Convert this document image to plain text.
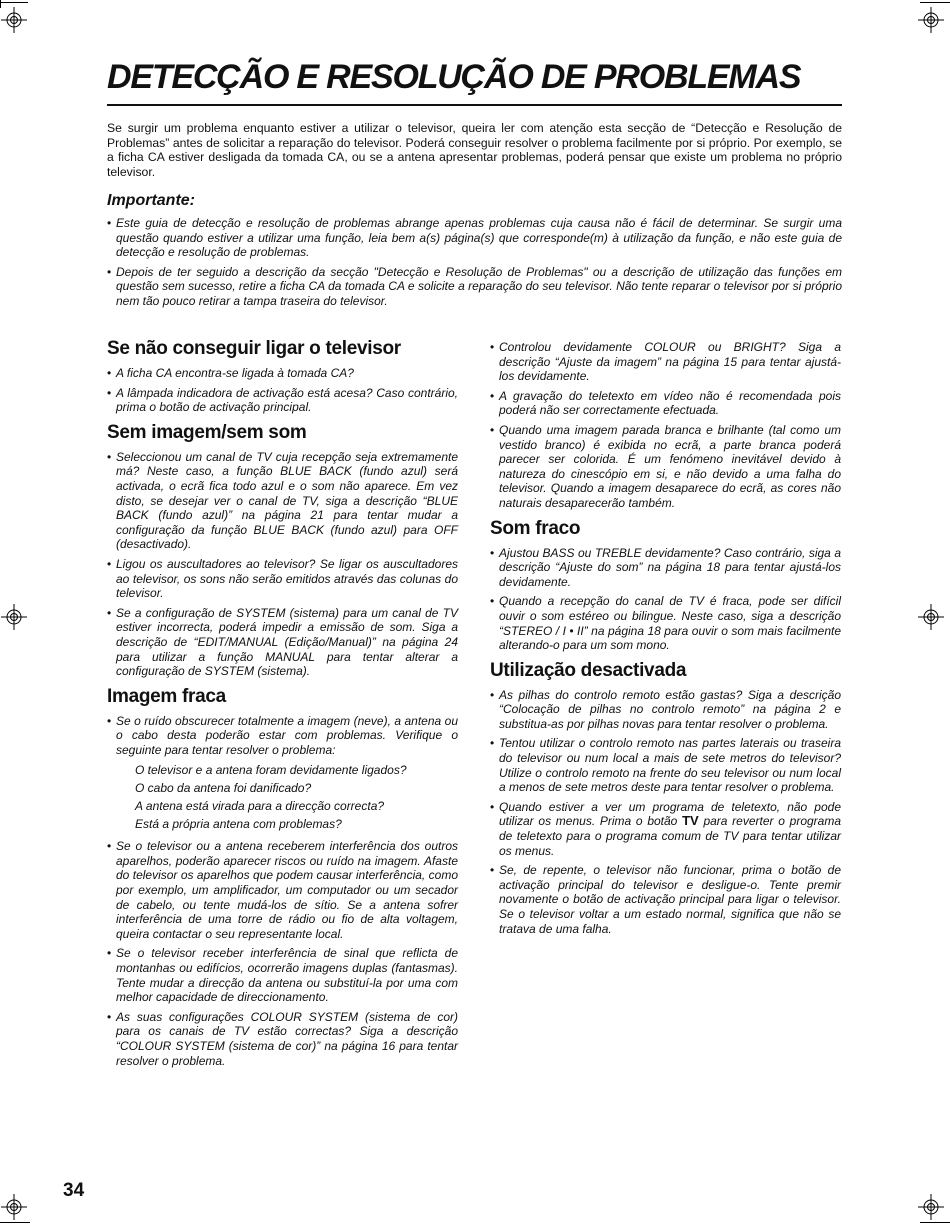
DETECÇÃO E RESOLUÇÃO DE PROBLEMAS

Se surgir um problema enquanto estiver a utilizar o televisor, queira ler com atenção esta secção de “Detecção e Resolução de Problemas” antes de solicitar a reparação do televisor. Poderá conseguir resolver o problema facilmente por si próprio. Por exemplo, se a ficha CA estiver desligada da tomada CA, ou se a antena apresentar problemas, poderá pensar que existe um problema no próprio televisor.

Importante:

• Este guia de detecção e resolução de problemas abrange apenas problemas cuja causa não é fácil de determinar. Se surgir uma questão quando estiver a utilizar uma função, leia bem a(s) página(s) que corresponde(m) à utilização da função, e não este guia de detecção e resolução de problemas.
• Depois de ter seguido a descrição da secção "Detecção e Resolução de Problemas" ou a descrição de utilização das funções em questão sem sucesso, retire a ficha CA da tomada CA e solicite a reparação do seu televisor. Não tente reparar o televisor por si próprio nem tão pouco retirar a tampa traseira do televisor.
Se não conseguir ligar o televisor
• A ficha CA encontra-se ligada à tomada CA?
• A lâmpada indicadora de activação está acesa? Caso contrário, prima o botão de activação principal.
Sem imagem/sem som
• Seleccionou um canal de TV cuja recepção seja extremamente má? Neste caso, a função BLUE BACK (fundo azul) será activada, o ecrã fica todo azul e o som não aparece. Em vez disto, se desejar ver o canal de TV, siga a descrição “BLUE BACK (fundo azul)” na página 21 para tentar mudar a configuração da função BLUE BACK (fundo azul) para OFF (desactivado).
• Ligou os auscultadores ao televisor? Se ligar os auscultadores ao televisor, os sons não serão emitidos através das colunas do televisor.
• Se a configuração de SYSTEM (sistema) para um canal de TV estiver incorrecta, poderá impedir a emissão de som. Siga a descrição de “EDIT/MANUAL (Edição/Manual)” na página 24 para utilizar a função MANUAL para tentar alterar a configuração de SYSTEM (sistema).
Imagem fraca
• Se o ruído obscurecer totalmente a imagem (neve), a antena ou o cabo desta poderão estar com problemas. Verifique o seguinte para tentar resolver o problema:
O televisor e a antena foram devidamente ligados?
O cabo da antena foi danificado?
A antena está virada para a direcção correcta?
Está a própria antena com problemas?
• Se o televisor ou a antena receberem interferência dos outros aparelhos, poderão aparecer riscos ou ruído na imagem. Afaste do televisor os aparelhos que podem causar interferência, como por exemplo, um amplificador, um computador ou um secador de cabelo, ou tente mudá-los de sítio. Se a antena sofrer interferência de uma torre de rádio ou fio de alta voltagem, queira contactar o seu representante local.
• Se o televisor receber interferência de sinal que reflicta de montanhas ou edifícios, ocorrerão imagens duplas (fantasmas). Tente mudar a direcção da antena ou substituí-la por uma com melhor capacidade de direccionamento.
• As suas configurações COLOUR SYSTEM (sistema de cor) para os canais de TV estão correctas? Siga a descrição “COLOUR SYSTEM (sistema de cor)” na página 16 para tentar resolver o problema.
• Controlou devidamente COLOUR ou BRIGHT? Siga a descrição “Ajuste da imagem” na página 15 para tentar ajustá-los devidamente.
• A gravação do teletexto em vídeo não é recomendada pois poderá não ser correctamente efectuada.
• Quando uma imagem parada branca e brilhante (tal como um vestido branco) é exibida no ecrã, a parte branca poderá parecer ser colorida. É um fenómeno inevitável devido à natureza do cinescópio em si, e não devido a uma falha do televisor. Quando a imagem desaparece do ecrã, as cores não naturais desaparecerão também.
Som fraco
• Ajustou BASS ou TREBLE devidamente? Caso contrário, siga a descrição “Ajuste do som” na página 18 para tentar ajustá-los devidamente.
• Quando a recepção do canal de TV é fraca, pode ser difícil ouvir o som estéreo ou bilingue. Neste caso, siga a descrição “STEREO / I • II” na página 18 para ouvir o som mais facilmente alterando-o para um som mono.
Utilização desactivada
• As pilhas do controlo remoto estão gastas? Siga a descrição “Colocação de pilhas no controlo remoto” na página 2 e substitua-as por pilhas novas para tentar resolver o problema.
• Tentou utilizar o controlo remoto nas partes laterais ou traseira do televisor ou num local a mais de sete metros do televisor? Utilize o controlo remoto na frente do seu televisor ou num local a menos de sete metros deste para tentar resolver o problema.
• Quando estiver a ver um programa de teletexto, não pode utilizar os menus. Prima o botão TV para reverter o programa de teletexto para o programa comum de TV para tentar utilizar os menus.
• Se, de repente, o televisor não funcionar, prima o botão de activação principal do televisor e desligue-o. Tente premir novamente o botão de activação principal para ligar o televisor. Se o televisor voltar a um estado normal, significa que não se tratava de uma falha.
34
